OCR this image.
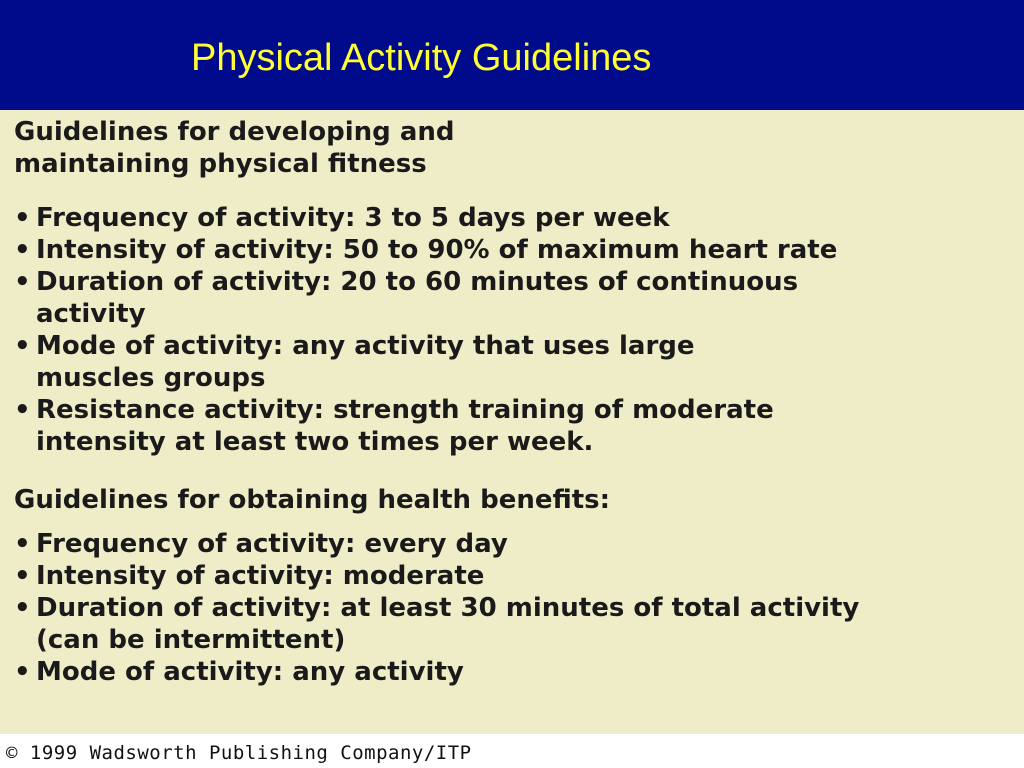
Physical Activity Guidelines
Guidelines for developing and
maintaining physical fitness
• Frequency of activity: 3 to 5 days per week
• Intensity of activity: 50 to 90% of maximum heart rate
• Duration of activity: 20 to 60 minutes of continuous
activity
• Mode of activity: any activity that uses large
muscles groups
• Resistance activity: strength training of moderate
intensity at least two times per week.
Guidelines for obtaining health benefits:
• Frequency of activity: every day
• Intensity of activity: moderate
• Duration of activity: at least 30 minutes of total activity
(can be intermittent)
• Mode of activity: any activity
© 1999 Wadsworth Publishing Company/ITP
